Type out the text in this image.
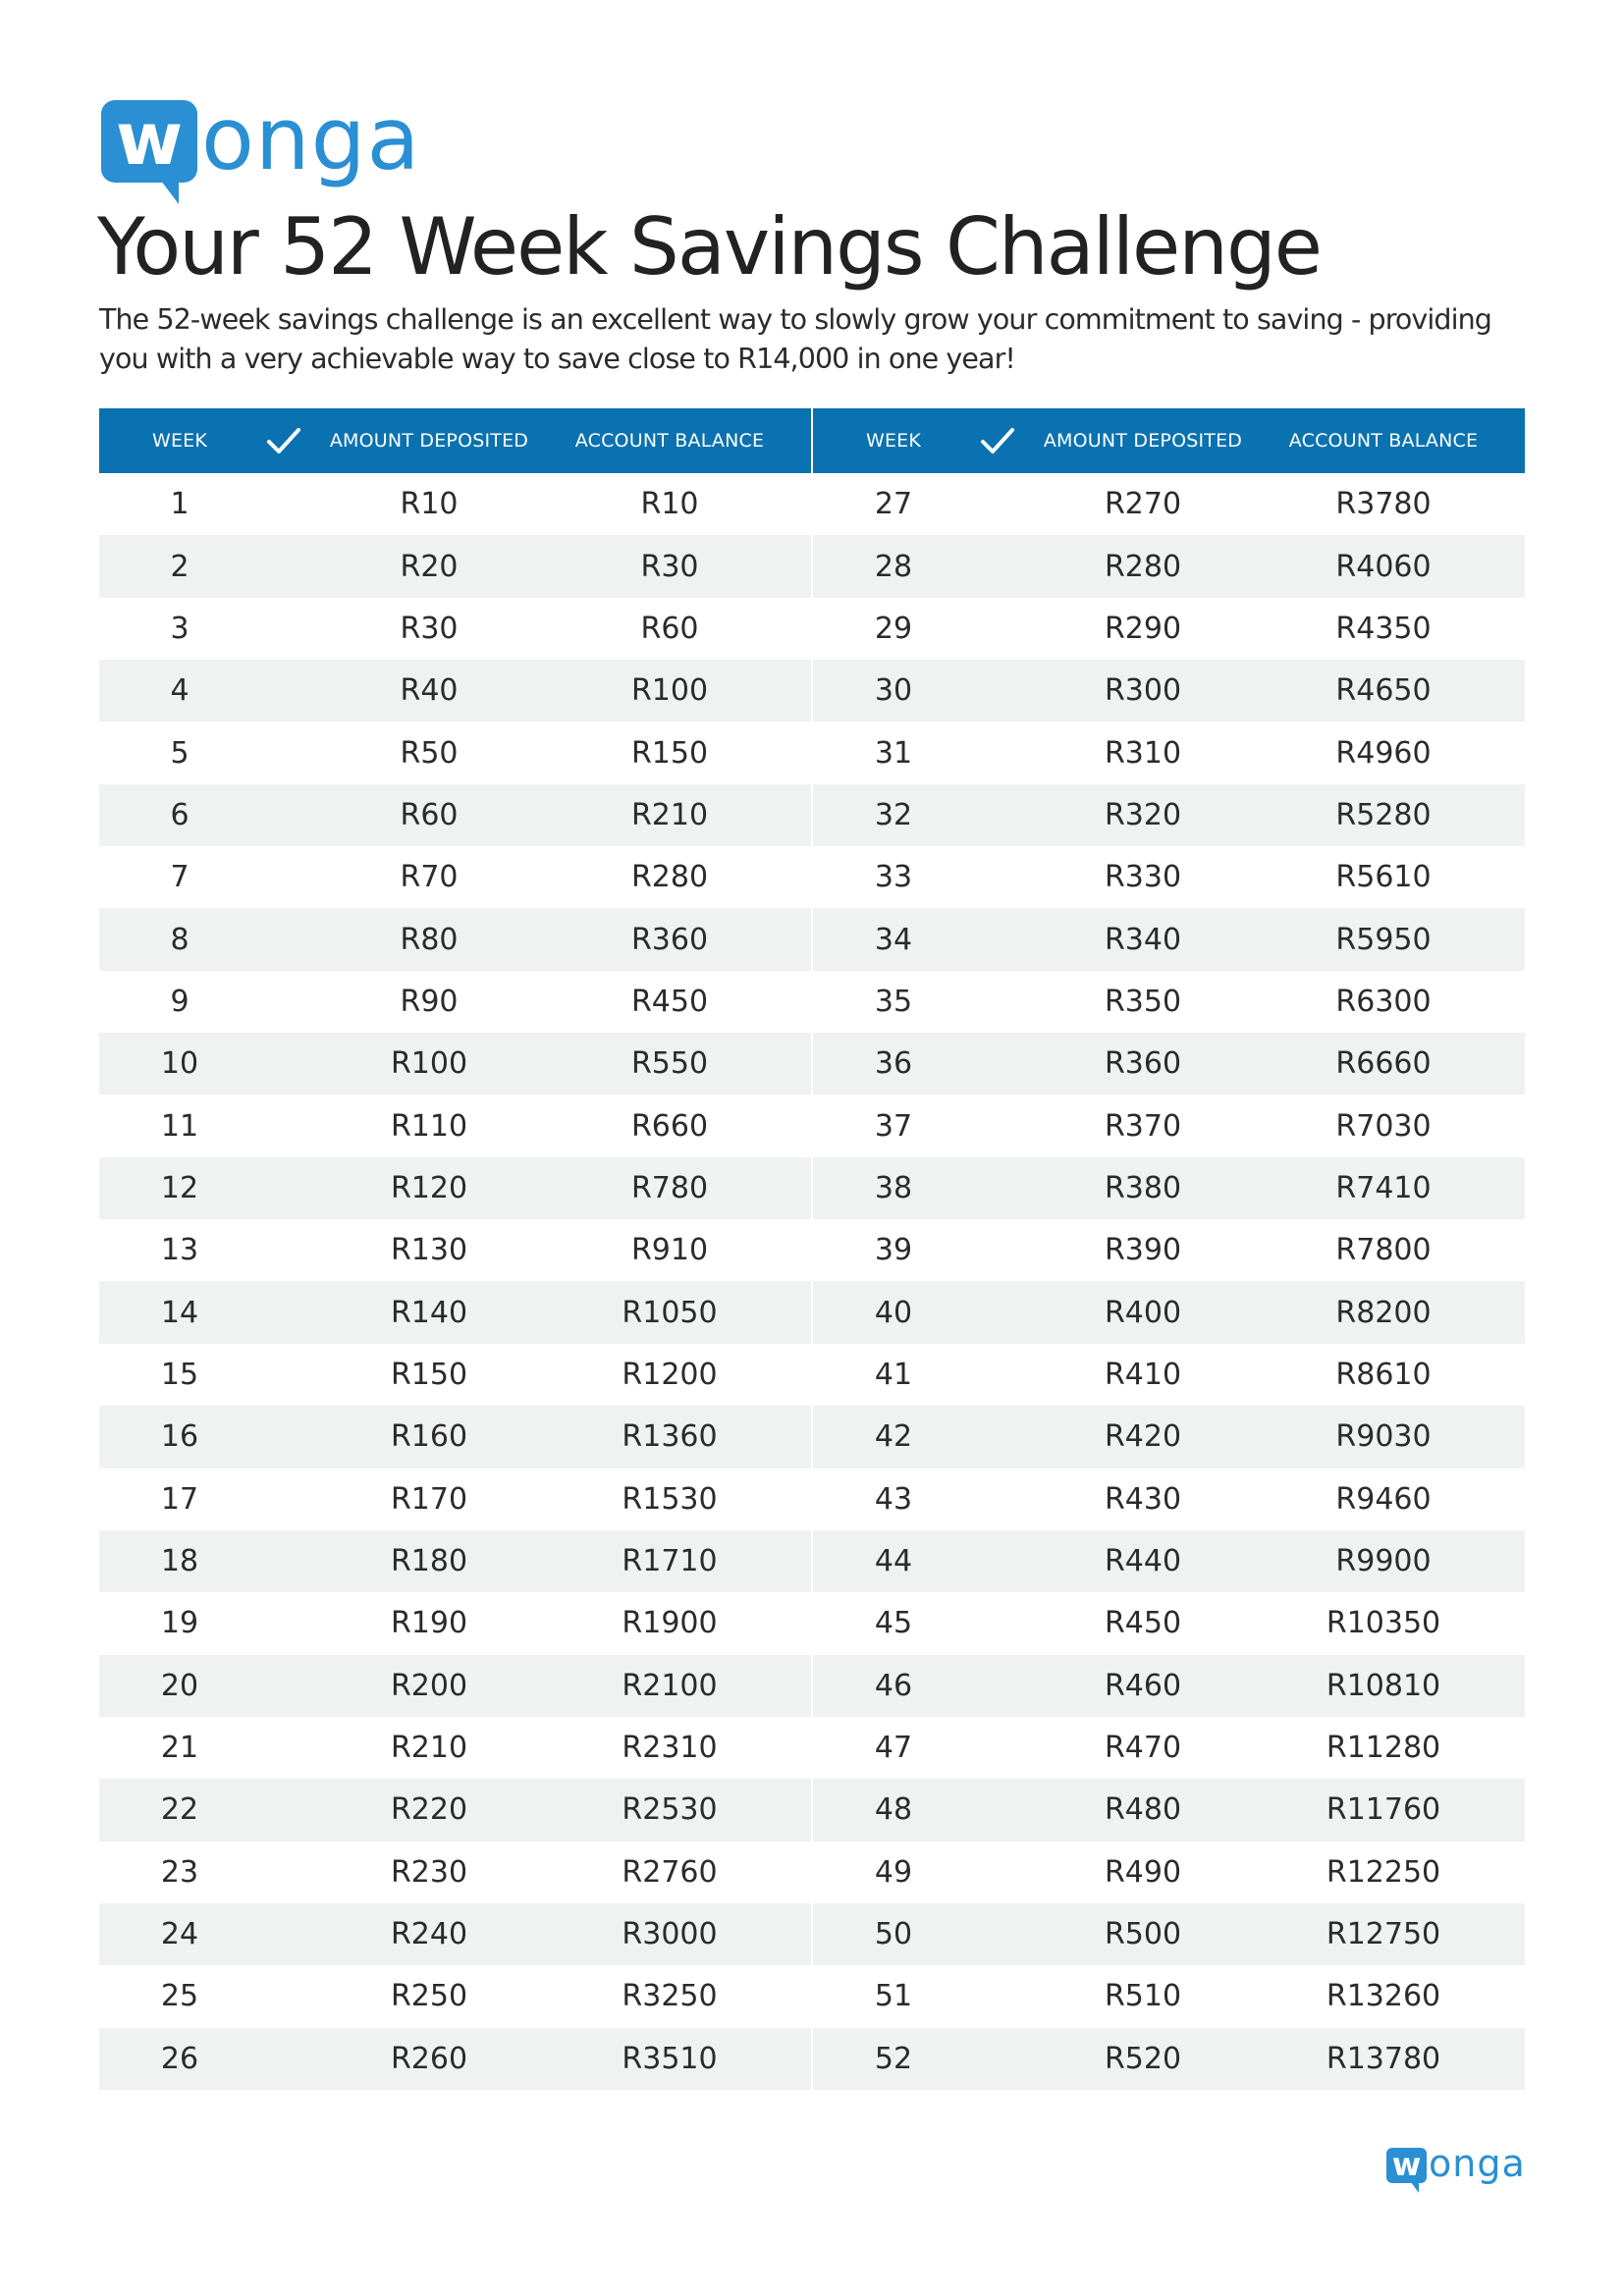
w onga
Your 52 Week Savings Challenge

The 52-week savings challenge is an excellent way to slowly grow your commitment to saving - providing you with a very achievable way to save close to R14,000 in one year!

WEEK	AMOUNT DEPOSITED	ACCOUNT BALANCE	WEEK	AMOUNT DEPOSITED	ACCOUNT BALANCE
1	R10	R10
2	R20	R30
3	R30	R60
4	R40	R100
5	R50	R150
6	R60	R210
7	R70	R280
8	R80	R360
9	R90	R450
10	R100	R550
11	R110	R660
12	R120	R780
13	R130	R910
14	R140	R1050
15	R150	R1200
16	R160	R1360
17	R170	R1530
18	R180	R1710
19	R190	R1900
20	R200	R2100
21	R210	R2310
22	R220	R2530
23	R230	R2760
24	R240	R3000
25	R250	R3250
26	R260	R3510
27	R270	R3780
28	R280	R4060
29	R290	R4350
30	R300	R4650
31	R310	R4960
32	R320	R5280
33	R330	R5610
34	R340	R5950
35	R350	R6300
36	R360	R6660
37	R370	R7030
38	R380	R7410
39	R390	R7800
40	R400	R8200
41	R410	R8610
42	R420	R9030
43	R430	R9460
44	R440	R9900
45	R450	R10350
46	R460	R10810
47	R470	R11280
48	R480	R11760
49	R490	R12250
50	R500	R12750
51	R510	R13260
52	R520	R13780
w onga
